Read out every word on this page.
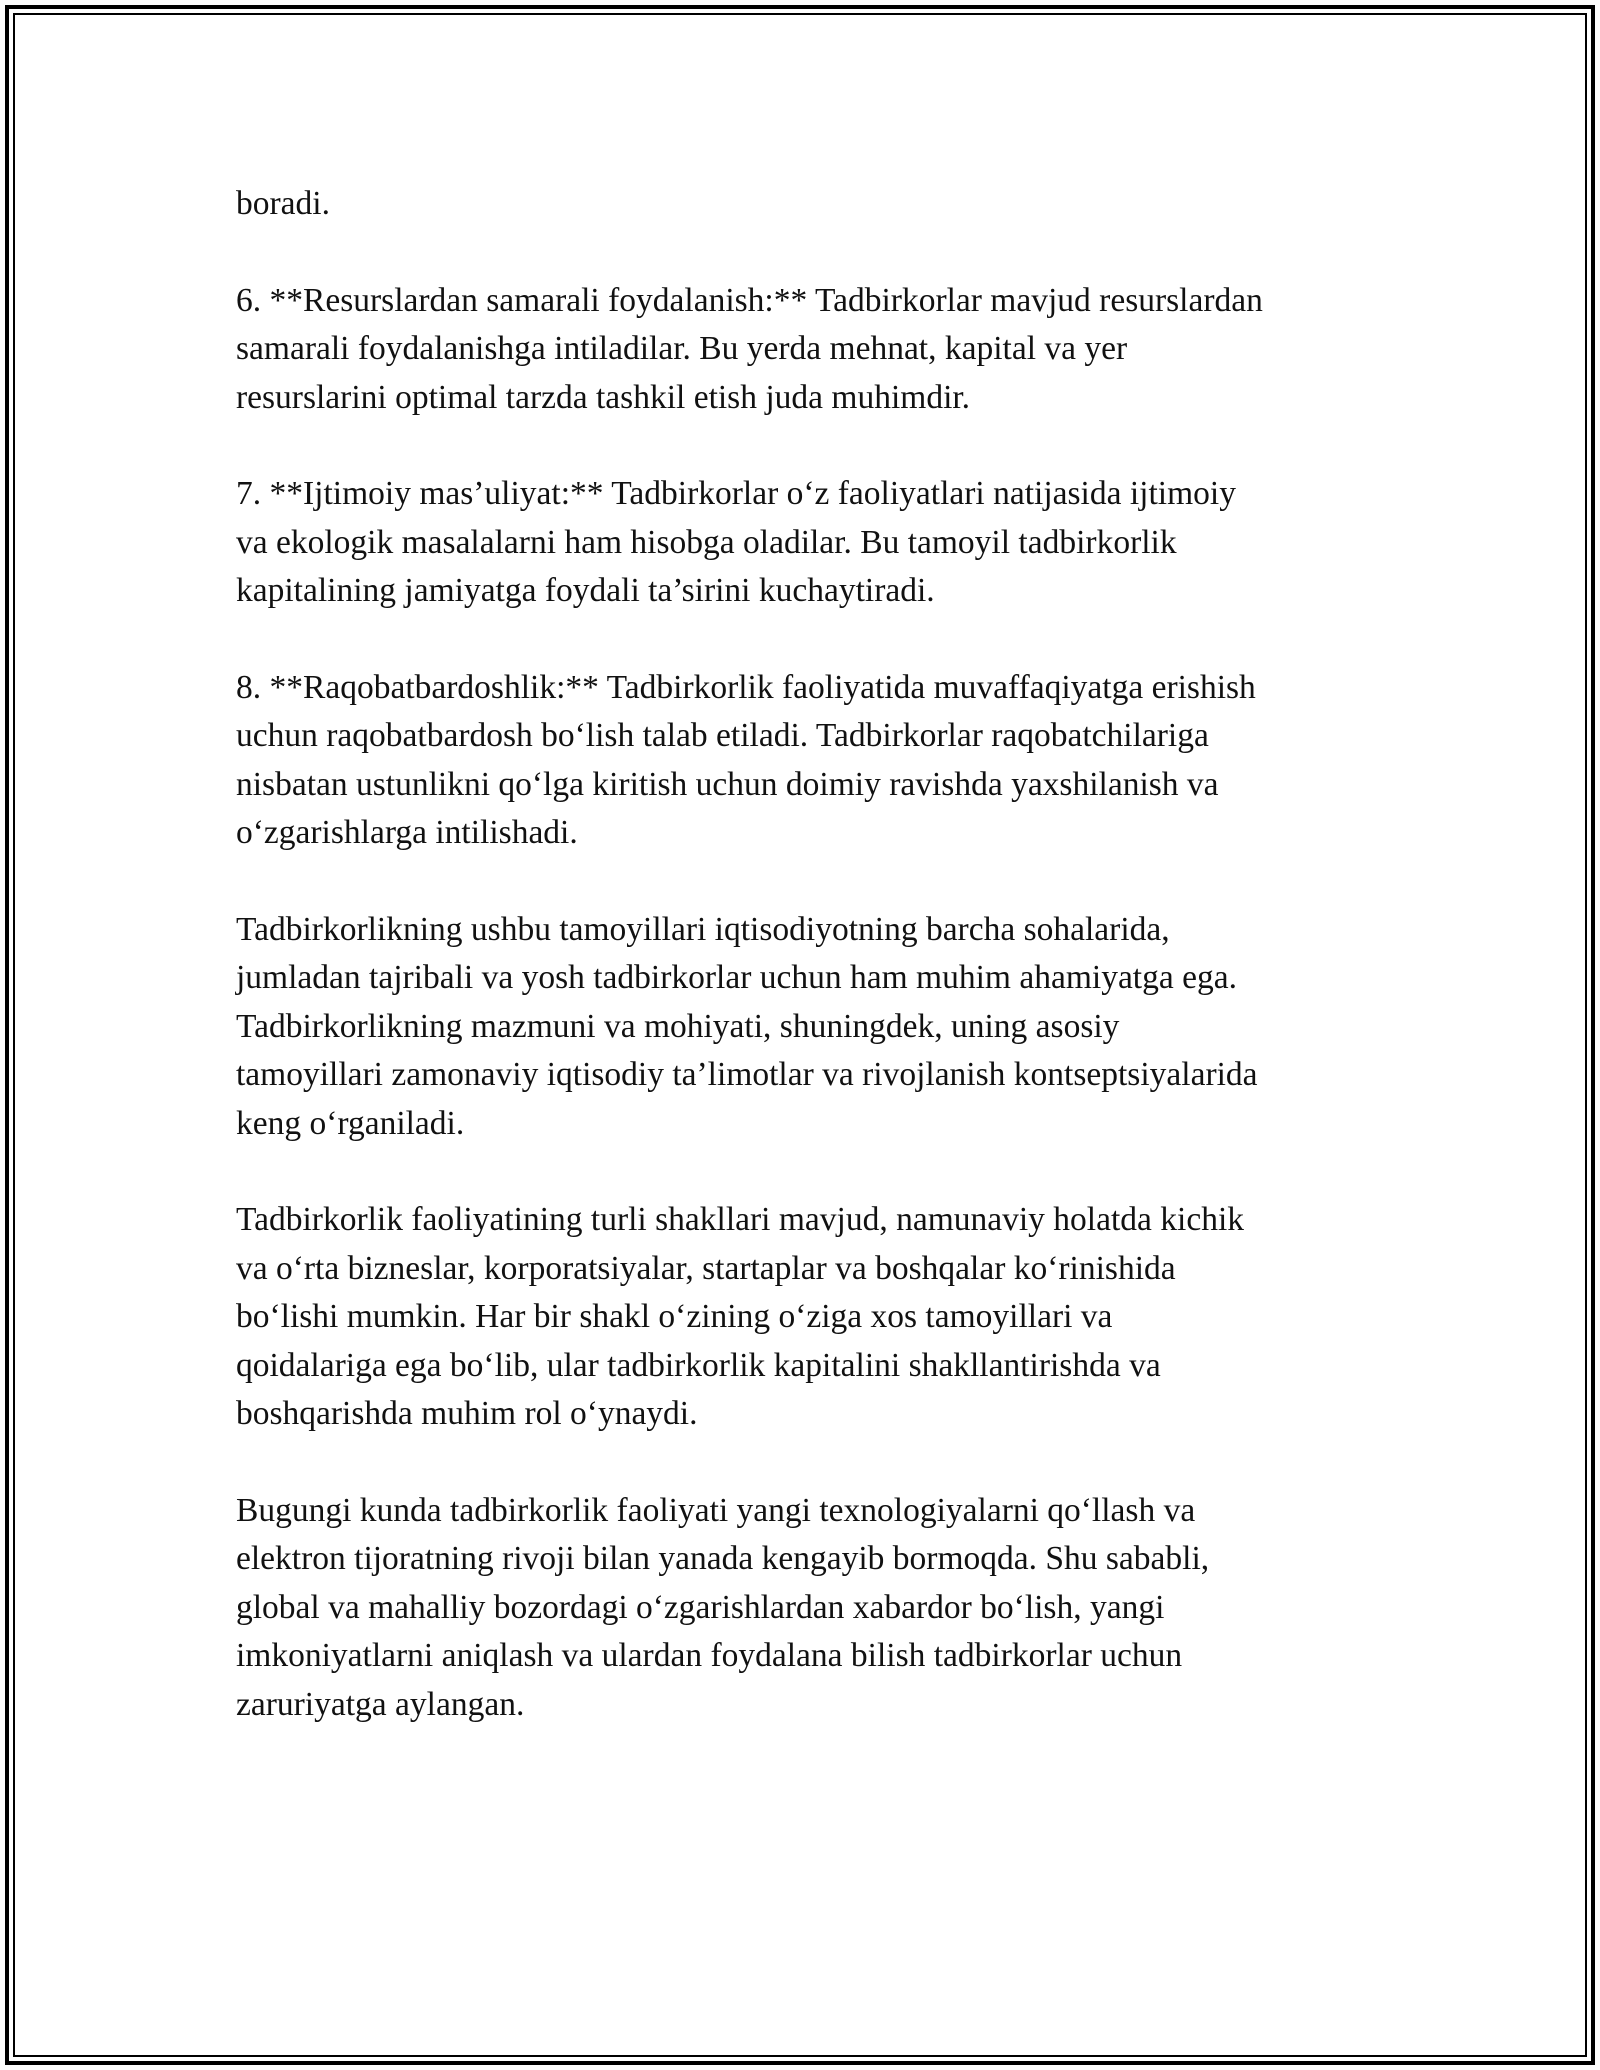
boradi.
6. **Resurslardan samarali foydalanish:** Tadbirkorlar mavjud resurslardan
samarali foydalanishga intiladilar. Bu yerda mehnat, kapital va yer
resurslarini optimal tarzda tashkil etish juda muhimdir.
7. **Ijtimoiy mas’uliyat:** Tadbirkorlar o‘z faoliyatlari natijasida ijtimoiy
va ekologik masalalarni ham hisobga oladilar. Bu tamoyil tadbirkorlik
kapitalining jamiyatga foydali ta’sirini kuchaytiradi.
8. **Raqobatbardoshlik:** Tadbirkorlik faoliyatida muvaffaqiyatga erishish
uchun raqobatbardosh bo‘lish talab etiladi. Tadbirkorlar raqobatchilariga
nisbatan ustunlikni qo‘lga kiritish uchun doimiy ravishda yaxshilanish va
o‘zgarishlarga intilishadi.
Tadbirkorlikning ushbu tamoyillari iqtisodiyotning barcha sohalarida,
jumladan tajribali va yosh tadbirkorlar uchun ham muhim ahamiyatga ega.
Tadbirkorlikning mazmuni va mohiyati, shuningdek, uning asosiy
tamoyillari zamonaviy iqtisodiy ta’limotlar va rivojlanish kontseptsiyalarida
keng o‘rganiladi.
Tadbirkorlik faoliyatining turli shakllari mavjud, namunaviy holatda kichik
va o‘rta bizneslar, korporatsiyalar, startaplar va boshqalar ko‘rinishida
bo‘lishi mumkin. Har bir shakl o‘zining o‘ziga xos tamoyillari va
qoidalariga ega bo‘lib, ular tadbirkorlik kapitalini shakllantirishda va
boshqarishda muhim rol o‘ynaydi.
Bugungi kunda tadbirkorlik faoliyati yangi texnologiyalarni qo‘llash va
elektron tijoratning rivoji bilan yanada kengayib bormoqda. Shu sababli,
global va mahalliy bozordagi o‘zgarishlardan xabardor bo‘lish, yangi
imkoniyatlarni aniqlash va ulardan foydalana bilish tadbirkorlar uchun
zaruriyatga aylangan.
